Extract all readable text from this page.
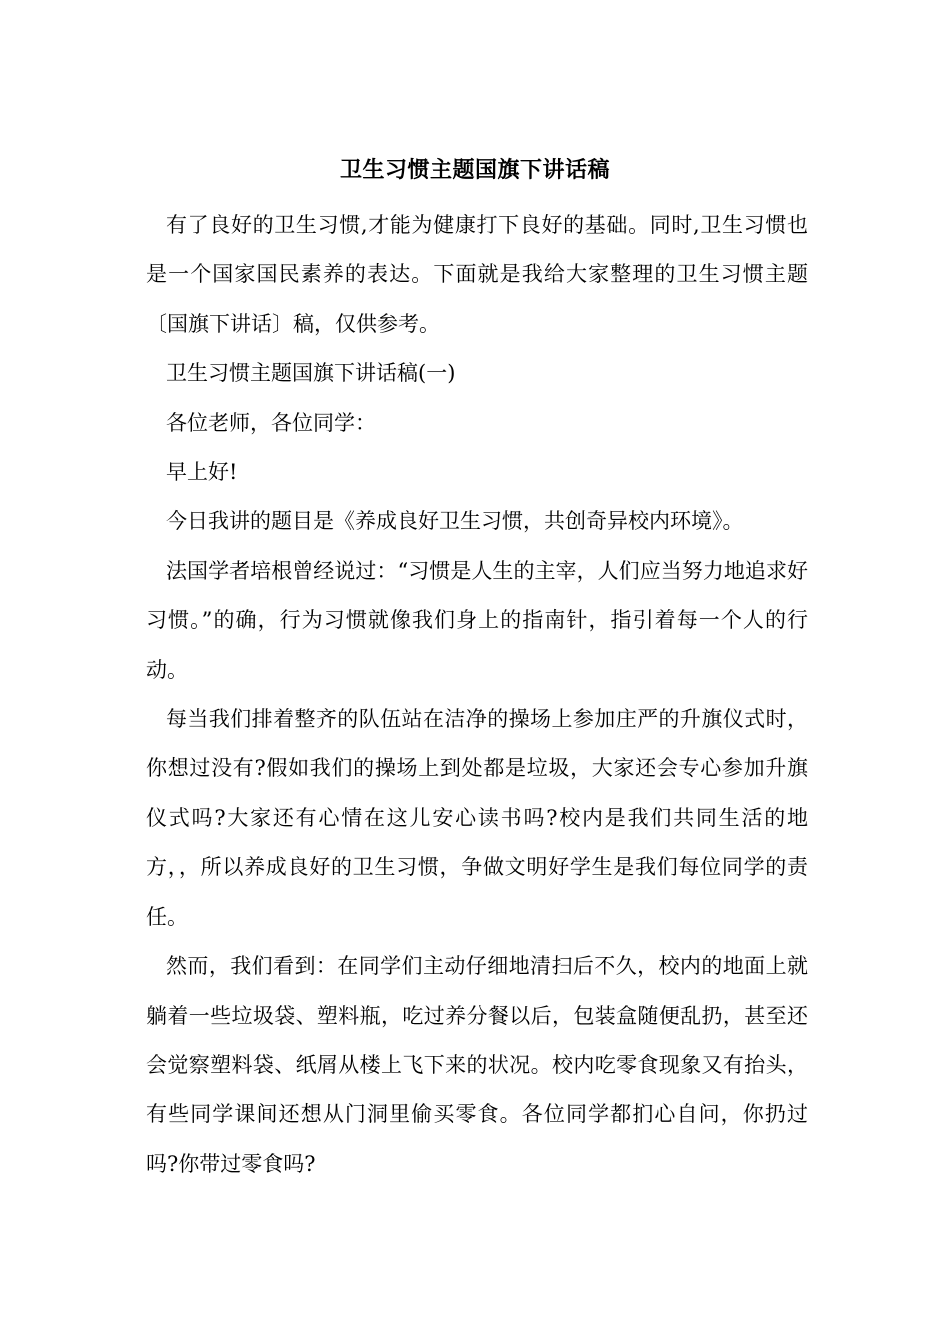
卫生习惯主题国旗下讲话稿

有了良好的卫生习惯,才能为健康打下良好的基础。同时,卫生习惯也是一个国家国民素养的表达。下面就是我给大家整理的卫生习惯主题〔国旗下讲话〕稿，仅供参考。

卫生习惯主题国旗下讲话稿(一)

各位老师，各位同学：

早上好!

今日我讲的题目是《养成良好卫生习惯，共创奇异校内环境》。

法国学者培根曾经说过：“习惯是人生的主宰，人们应当努力地追求好习惯。”的确，行为习惯就像我们身上的指南针，指引着每一个人的行动。

每当我们排着整齐的队伍站在洁净的操场上参加庄严的升旗仪式时，你想过没有?假如我们的操场上到处都是垃圾，大家还会专心参加升旗仪式吗?大家还有心情在这儿安心读书吗?校内是我们共同生活的地方，，所以养成良好的卫生习惯，争做文明好学生是我们每位同学的责任。

然而，我们看到：在同学们主动仔细地清扫后不久，校内的地面上就躺着一些垃圾袋、塑料瓶，吃过养分餐以后，包装盒随便乱扔，甚至还会觉察塑料袋、纸屑从楼上飞下来的状况。校内吃零食现象又有抬头，有些同学课间还想从门洞里偷买零食。各位同学都扪心自问，你扔过吗?你带过零食吗?
